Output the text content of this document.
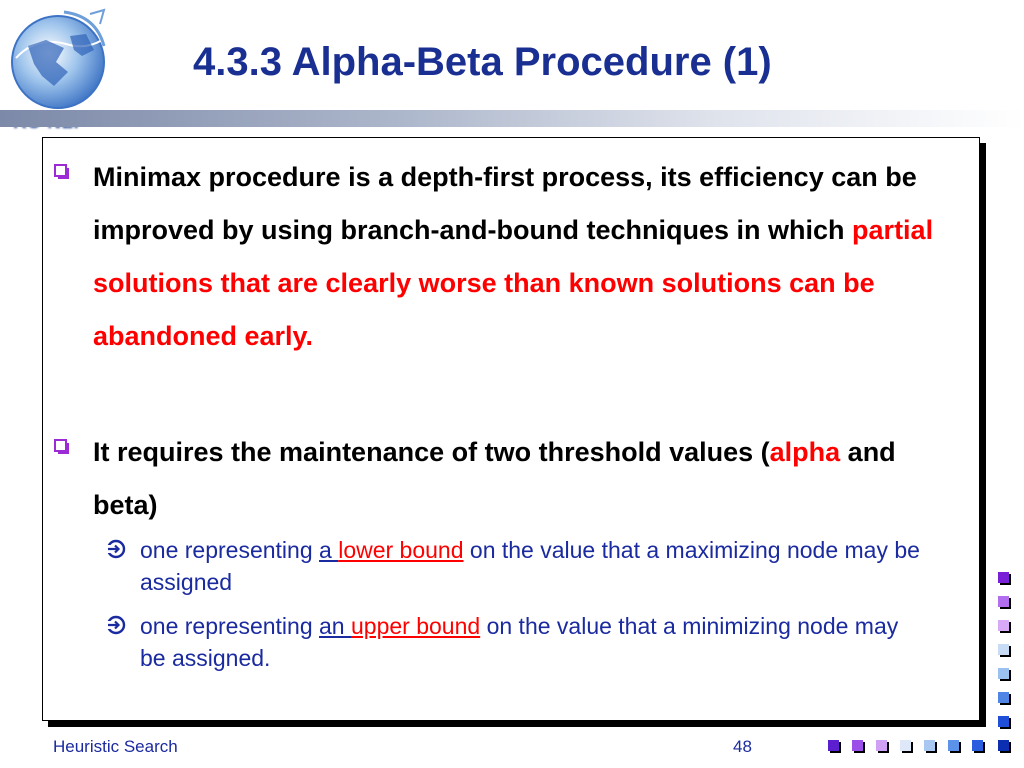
4.3.3 Alpha-Beta Procedure (1)
Minimax procedure is a depth-first process, its efficiency can be improved by using branch-and-bound techniques in which partial solutions that are clearly worse than known solutions can be abandoned early.
It requires the maintenance of two threshold values (alpha and beta)
one representing a lower bound on the value that a maximizing node may be assigned
one representing an upper bound on the value that a minimizing node may be assigned.
Heuristic Search	48
